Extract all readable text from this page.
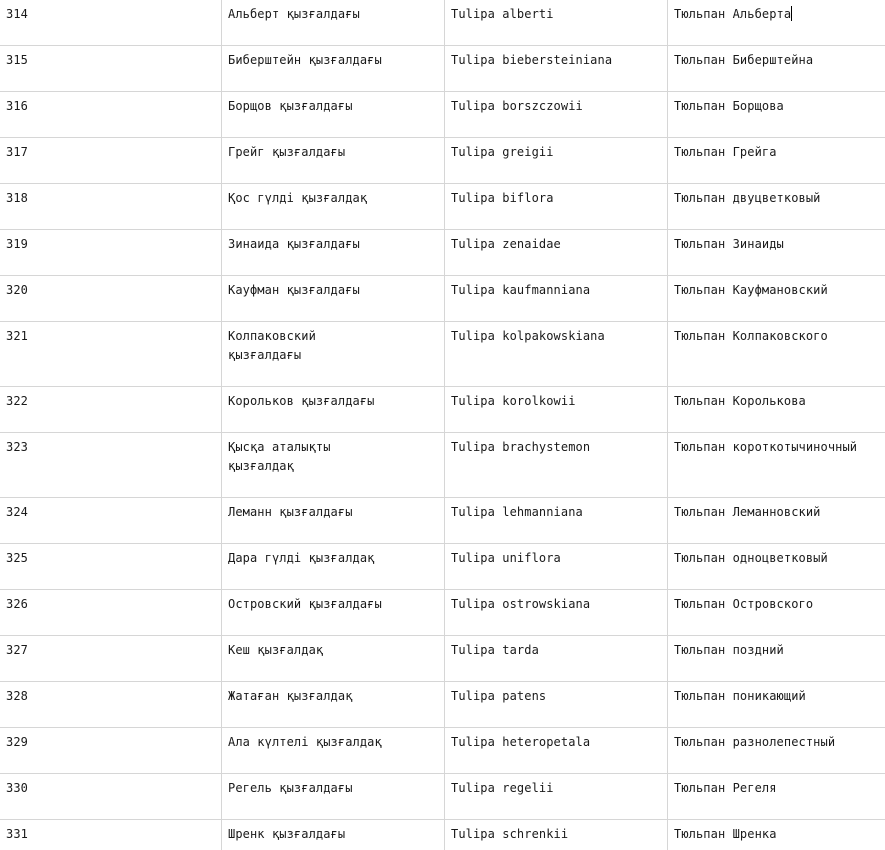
314	Альберт қызғалдағы	Tulipa alberti	Тюльпан Альберта
315	Биберштейн қызғалдағы	Tulipa biebersteiniana	Тюльпан Биберштейна
316	Борщов қызғалдағы	Tulipa borszczowii	Тюльпан Борщова
317	Грейг қызғалдағы	Tulipa greigii	Тюльпан Грейга
318	Қос гүлді қызғалдақ	Tulipa biflora	Тюльпан двуцветковый
319	Зинаида қызғалдағы	Tulipa zenaidae	Тюльпан Зинаиды
320	Кауфман қызғалдағы	Tulipa kaufmanniana	Тюльпан Кауфмановский
321	Колпаковский қызғалдағы	Tulipa kolpakowskiana	Тюльпан Колпаковского
322	Корольков қызғалдағы	Tulipa korolkowii	Тюльпан Королькова
323	Қысқа аталықты қызғалдақ	Tulipa brachystemon	Тюльпан короткотычиночный
324	Леманн қызғалдағы	Tulipa lehmanniana	Тюльпан Леманновский
325	Дара гүлді қызғалдақ	Tulipa uniflora	Тюльпан одноцветковый
326	Островский қызғалдағы	Tulipa ostrowskiana	Тюльпан Островского
327	Кеш қызғалдақ	Tulipa tarda	Тюльпан поздний
328	Жатаған қызғалдақ	Tulipa patens	Тюльпан поникающий
329	Ала күлтелі қызғалдақ	Tulipa heteropetala	Тюльпан разнолепестный
330	Регель қызғалдағы	Tulipa regelii	Тюльпан Регеля
331	Шренк қызғалдағы	Tulipa schrenkii	Тюльпан Шренка
